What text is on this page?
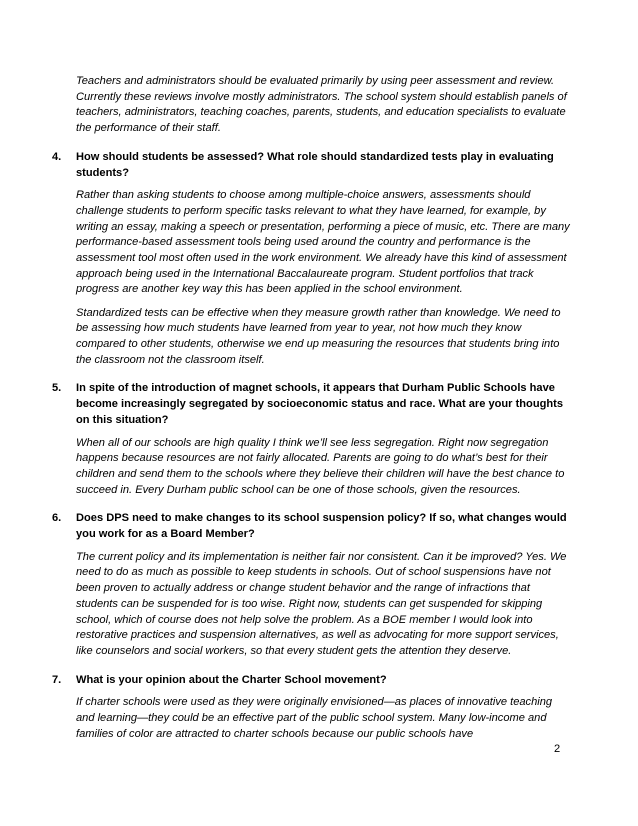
Teachers and administrators should be evaluated primarily by using peer assessment and review. Currently these reviews involve mostly administrators. The school system should establish panels of teachers, administrators, teaching coaches, parents, students, and education specialists to evaluate the performance of their staff.

4.	How should students be assessed? What role should standardized tests play in evaluating students?

Rather than asking students to choose among multiple-choice answers, assessments should challenge students to perform specific tasks relevant to what they have learned, for example, by writing an essay, making a speech or presentation, performing a piece of music, etc. There are many performance-based assessment tools being used around the country and performance is the assessment tool most often used in the work environment. We already have this kind of assessment approach being used in the International Baccalaureate program. Student portfolios that track progress are another key way this has been applied in the school environment.

Standardized tests can be effective when they measure growth rather than knowledge. We need to be assessing how much students have learned from year to year, not how much they know compared to other students, otherwise we end up measuring the resources that students bring into the classroom not the classroom itself.

5.	In spite of the introduction of magnet schools, it appears that Durham Public Schools have become increasingly segregated by socioeconomic status and race. What are your thoughts on this situation?

When all of our schools are high quality I think we’ll see less segregation. Right now segregation happens because resources are not fairly allocated. Parents are going to do what’s best for their children and send them to the schools where they believe their children will have the best chance to succeed in. Every Durham public school can be one of those schools, given the resources.

6.	Does DPS need to make changes to its school suspension policy? If so, what changes would you work for as a Board Member?

The current policy and its implementation is neither fair nor consistent. Can it be improved? Yes. We need to do as much as possible to keep students in schools. Out of school suspensions have not been proven to actually address or change student behavior and the range of infractions that students can be suspended for is too wise. Right now, students can get suspended for skipping school, which of course does not help solve the problem. As a BOE member I would look into restorative practices and suspension alternatives, as well as advocating for more support services, like counselors and social workers, so that every student gets the attention they deserve.

7.	What is your opinion about the Charter School movement?

If charter schools were used as they were originally envisioned—as places of innovative teaching and learning—they could be an effective part of the public school system. Many low-income and families of color are attracted to charter schools because our public schools have

2
